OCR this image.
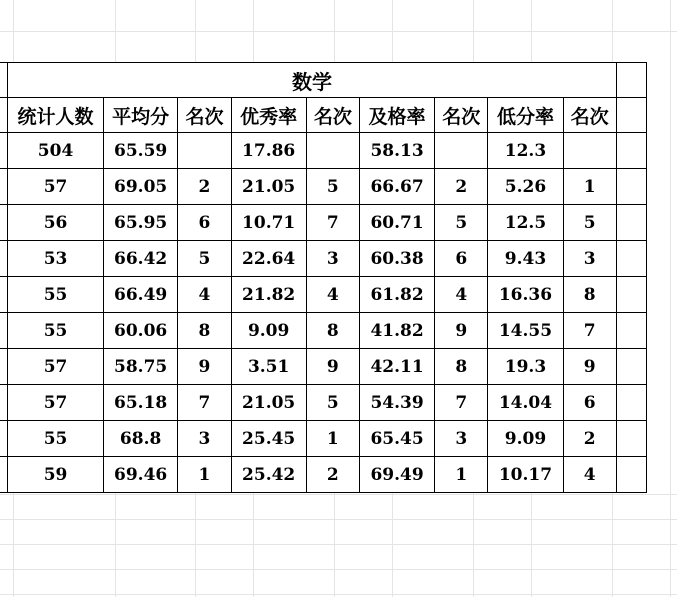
	数学									
	统计人数	平均分	名次	优秀率	名次	及格率	名次	低分率	名次	
	504	65.59		17.86		58.13		12.3		
	57	69.05	2	21.05	5	66.67	2	5.26	1	
	56	65.95	6	10.71	7	60.71	5	12.5	5	
	53	66.42	5	22.64	3	60.38	6	9.43	3	
	55	66.49	4	21.82	4	61.82	4	16.36	8	
	55	60.06	8	9.09	8	41.82	9	14.55	7	
	57	58.75	9	3.51	9	42.11	8	19.3	9	
	57	65.18	7	21.05	5	54.39	7	14.04	6	
	55	68.8	3	25.45	1	65.45	3	9.09	2	
	59	69.46	1	25.42	2	69.49	1	10.17	4	
